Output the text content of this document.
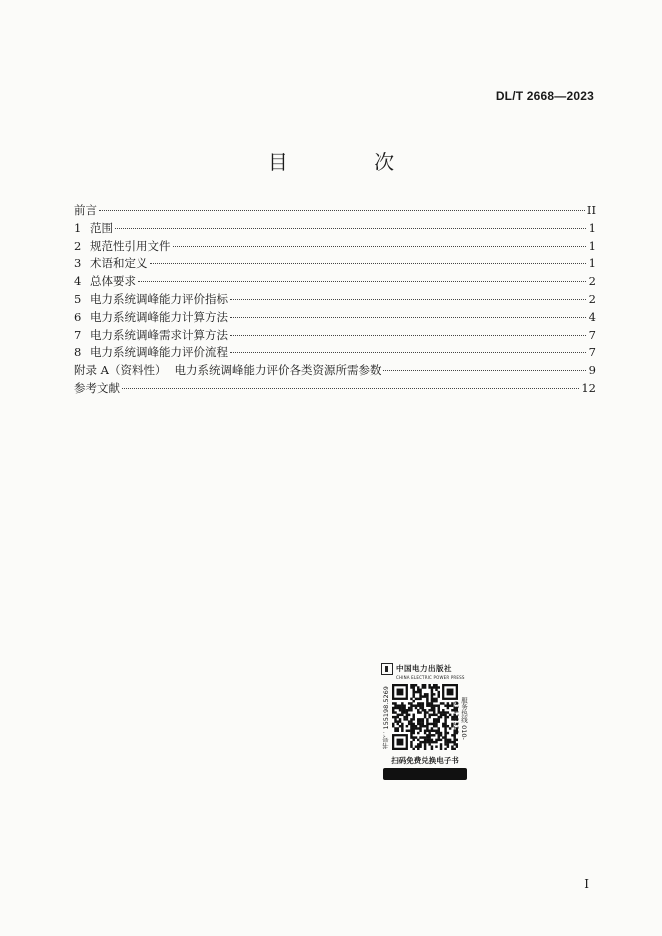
DL/T 2668—2023
目 次
前言	II
1 范围	1
2 规范性引用文件	1
3 术语和定义	1
4 总体要求	2
5 电力系统调峰能力评价指标	2
6 电力系统调峰能力计算方法	4
7 电力系统调峰需求计算方法	7
8 电力系统调峰能力评价流程	7
附录 A（资料性） 电力系统调峰能力评价各类资源所需参数	9
参考文献	12
中国电力出版社
CHINA ELECTRIC POWER PRESS
书号：155198.5269	服务热线 010-63412323
扫码免费兑换电子书
I
